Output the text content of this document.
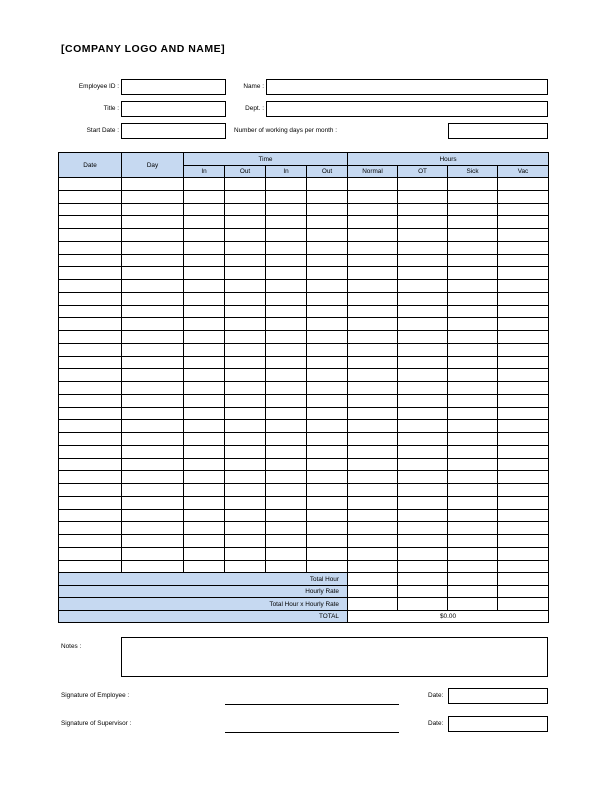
[COMPANY LOGO AND NAME]
Employee ID :	Name :
Title :	Dept. :
Start Date :	Number of working days per month :
Date	Day	Time				Hours			
		In	Out	In	Out	Normal	OT	Sick	Vac

Total Hour									
Hourly Rate									
Total Hour x Hourly Rate									
TOTAL						$0.00			
Notes :
Signature of Employee :	Date:
Signature of Supervisor :	Date:
